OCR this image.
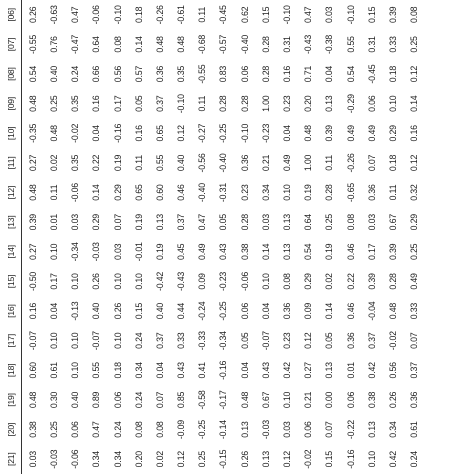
[21]	[20]	[19]	[18]	[17]	[16]	[15]	[14]	[13]	[12]	[11]	[10]	[09]	[08]	[07]	[06]
0.03	0.38	0.48	0.60	-0.07	0.16	-0.50	0.27	0.39	0.48	0.27	-0.35	0.48	0.54	-0.55	0.26
-0.03	0.25	0.30	0.61	0.10	0.04	0.17	0.10	0.01	0.11	0.02	0.48	0.25	0.40	0.76	-0.63
-0.06	0.06	0.40	0.10	0.10	-0.13	0.10	-0.34	0.03	-0.06	0.35	-0.02	0.35	0.24	-0.47	0.47
0.34	0.47	0.89	0.55	-0.07	0.40	0.26	-0.03	0.29	0.14	0.22	0.04	0.16	0.66	0.64	-0.06
0.34	0.24	0.06	0.18	0.10	0.26	0.10	0.03	0.07	0.29	0.19	-0.16	0.17	0.56	0.08	-0.10
0.20	0.08	0.24	0.34	0.24	0.15	0.10	-0.01	0.19	0.65	0.11	0.16	0.05	0.57	0.14	0.18
0.02	0.08	0.07	0.04	0.37	0.40	-0.42	0.19	0.13	0.60	0.55	0.65	0.37	0.36	0.48	-0.26
0.12	-0.09	0.85	0.43	0.33	0.44	-0.43	0.45	0.37	0.46	0.40	0.12	-0.10	0.35	0.48	-0.61
0.25	-0.25	-0.58	0.41	-0.33	-0.24	0.09	0.49	0.47	-0.40	-0.56	-0.27	0.11	-0.55	-0.68	0.11
-0.15	-0.14	-0.17	-0.16	-0.34	-0.25	-0.23	0.43	0.05	-0.31	-0.40	-0.25	0.28	0.83	-0.57	-0.45
0.26	0.13	0.48	0.04	0.05	0.06	-0.06	0.38	0.28	0.23	0.36	-0.10	0.28	0.06	-0.40	0.62
0.13	-0.03	0.67	0.43	-0.07	0.04	0.10	0.14	0.03	0.34	0.21	-0.23	1.00	0.28	0.28	0.15
0.12	0.03	0.10	0.42	0.23	0.36	0.08	0.13	0.13	0.10	0.49	0.04	0.23	0.16	0.31	-0.10
-0.02	0.06	0.21	0.27	0.12	0.09	0.29	0.54	0.64	0.19	1.00	0.48	0.20	0.71	-0.43	0.47
0.15	0.07	0.00	0.13	0.05	0.14	0.02	0.19	0.25	0.28	0.11	0.39	0.13	0.04	-0.38	0.03
-0.16	-0.22	0.06	0.01	0.36	0.46	0.22	0.46	0.08	-0.65	-0.26	0.49	-0.29	0.54	0.55	-0.10
0.10	0.13	0.38	0.42	0.37	-0.04	0.39	0.17	0.03	0.36	0.07	0.49	0.06	-0.45	0.31	0.15
0.42	0.34	0.26	0.56	-0.02	0.48	0.28	0.39	0.67	0.11	0.18	0.29	0.10	0.18	0.33	0.39
0.24	0.61	0.36	0.37	0.07	0.33	0.49	0.25	0.29	0.32	0.12	0.16	0.14	0.12	0.25	0.08
